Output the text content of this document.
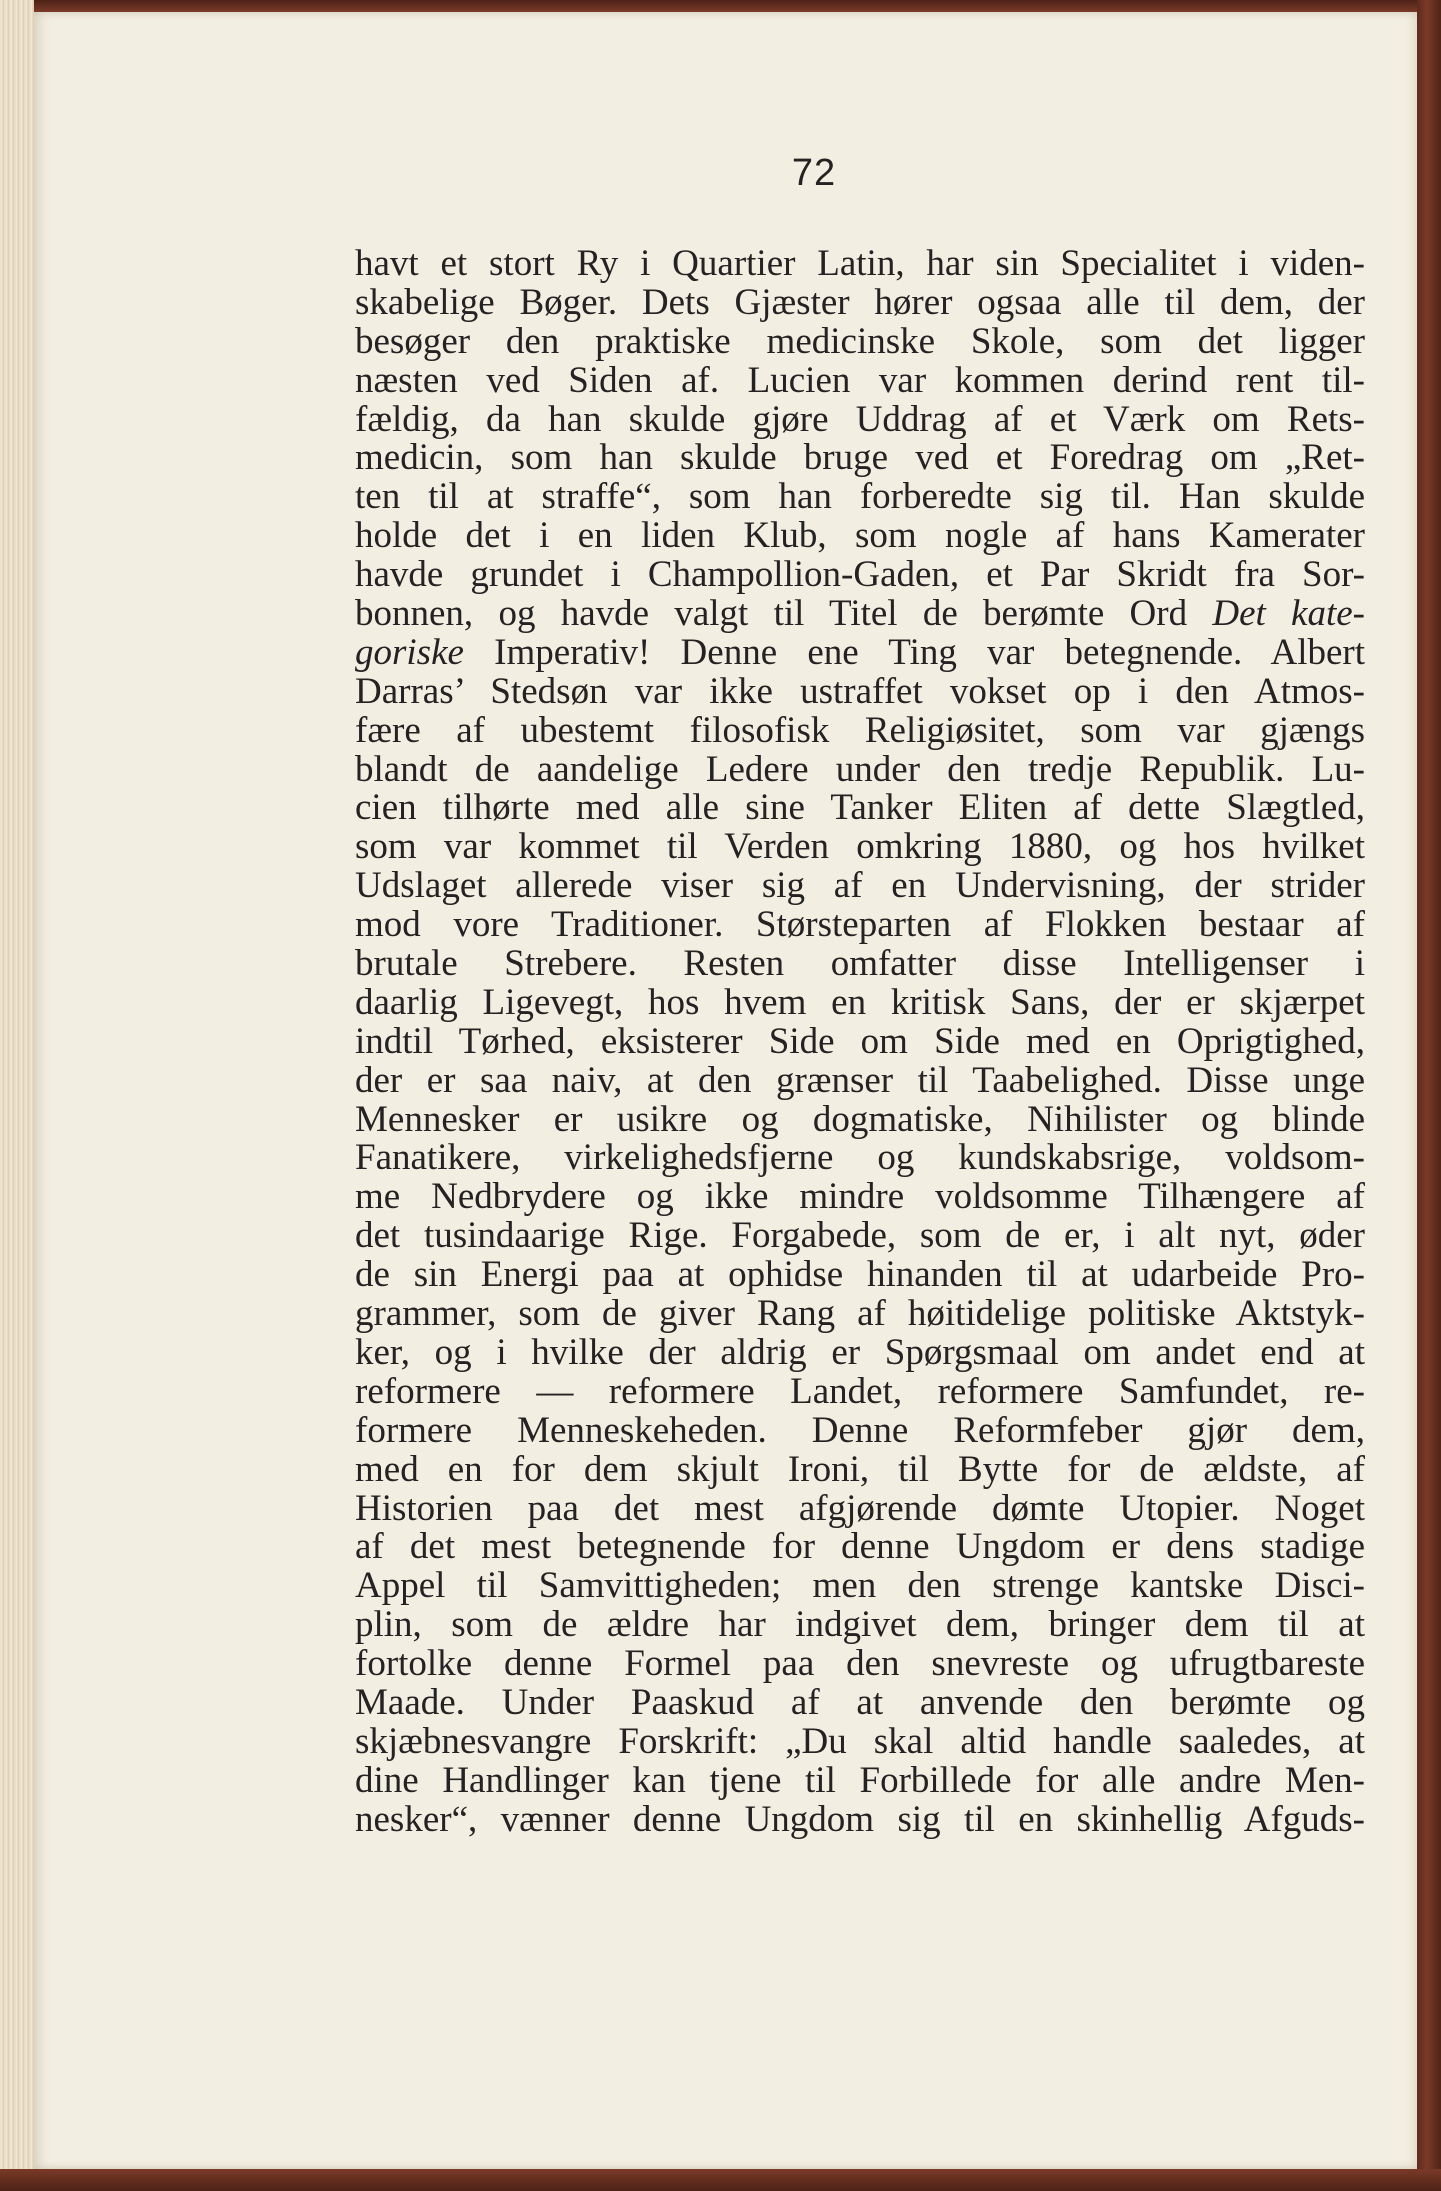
72
havt et stort Ry i Quartier Latin, har sin Specialitet i viden-
skabelige Bøger. Dets Gjæster hører ogsaa alle til dem, der
besøger den praktiske medicinske Skole, som det ligger
næsten ved Siden af. Lucien var kommen derind rent til-
fældig, da han skulde gjøre Uddrag af et Værk om Rets-
medicin, som han skulde bruge ved et Foredrag om „Ret-
ten til at straffe“, som han forberedte sig til. Han skulde
holde det i en liden Klub, som nogle af hans Kamerater
havde grundet i Champollion-Gaden, et Par Skridt fra Sor-
bonnen, og havde valgt til Titel de berømte Ord Det kate-
goriske Imperativ! Denne ene Ting var betegnende. Albert
Darras’ Stedsøn var ikke ustraffet vokset op i den Atmos-
fære af ubestemt filosofisk Religiøsitet, som var gjængs
blandt de aandelige Ledere under den tredje Republik. Lu-
cien tilhørte med alle sine Tanker Eliten af dette Slægtled,
som var kommet til Verden omkring 1880, og hos hvilket
Udslaget allerede viser sig af en Undervisning, der strider
mod vore Traditioner. Størsteparten af Flokken bestaar af
brutale Strebere. Resten omfatter disse Intelligenser i
daarlig Ligevegt, hos hvem en kritisk Sans, der er skjærpet
indtil Tørhed, eksisterer Side om Side med en Oprigtighed,
der er saa naiv, at den grænser til Taabelighed. Disse unge
Mennesker er usikre og dogmatiske, Nihilister og blinde
Fanatikere, virkelighedsfjerne og kundskabsrige, voldsom-
me Nedbrydere og ikke mindre voldsomme Tilhængere af
det tusindaarige Rige. Forgabede, som de er, i alt nyt, øder
de sin Energi paa at ophidse hinanden til at udarbeide Pro-
grammer, som de giver Rang af høitidelige politiske Aktstyk-
ker, og i hvilke der aldrig er Spørgsmaal om andet end at
reformere — reformere Landet, reformere Samfundet, re-
formere Menneskeheden. Denne Reformfeber gjør dem,
med en for dem skjult Ironi, til Bytte for de ældste, af
Historien paa det mest afgjørende dømte Utopier. Noget
af det mest betegnende for denne Ungdom er dens stadige
Appel til Samvittigheden; men den strenge kantske Disci-
plin, som de ældre har indgivet dem, bringer dem til at
fortolke denne Formel paa den snevreste og ufrugtbareste
Maade. Under Paaskud af at anvende den berømte og
skjæbnesvangre Forskrift: „Du skal altid handle saaledes, at
dine Handlinger kan tjene til Forbillede for alle andre Men-
nesker“, vænner denne Ungdom sig til en skinhellig Afguds-
